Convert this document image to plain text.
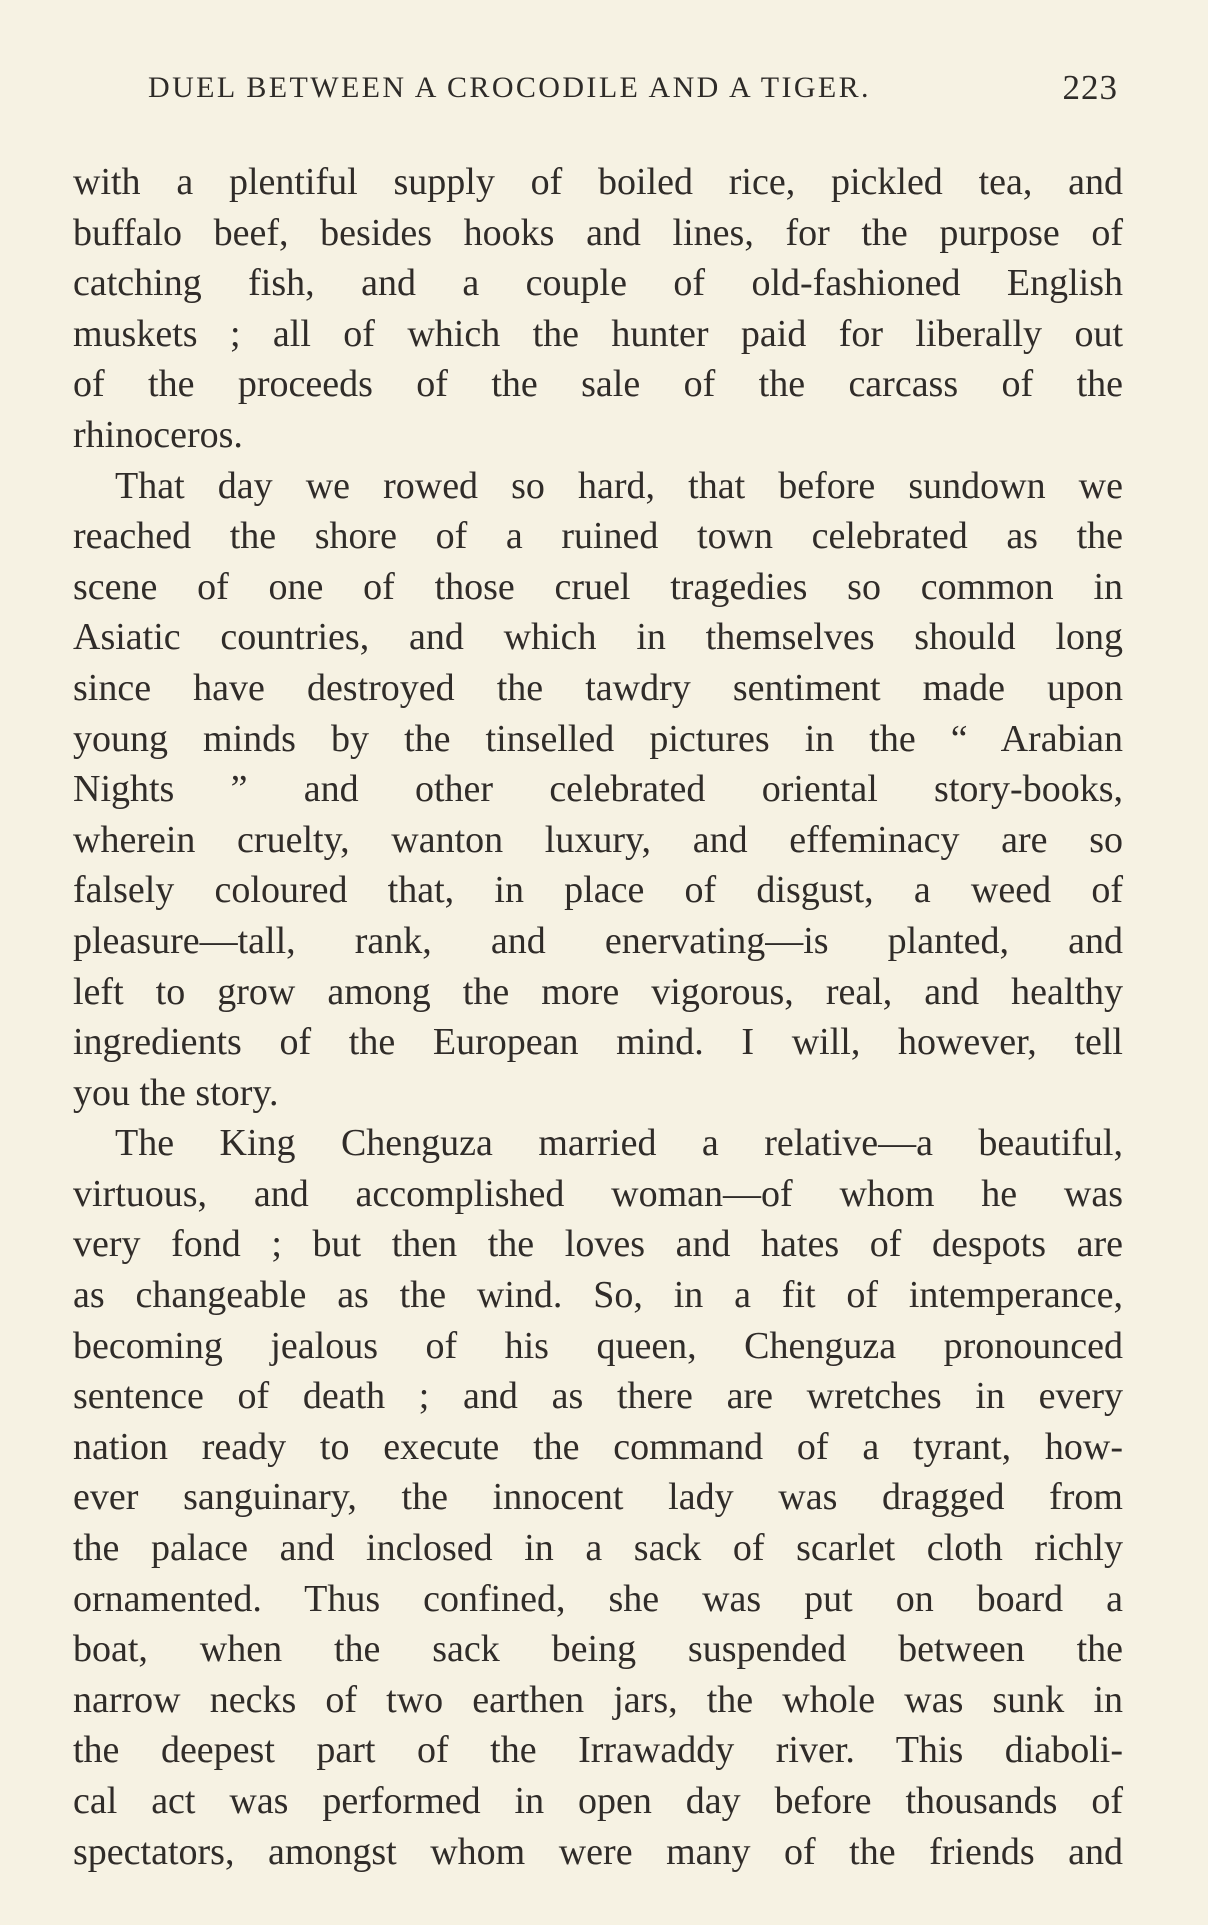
DUEL BETWEEN A CROCODILE AND A TIGER.	223
with a plentiful supply of boiled rice, pickled tea, and
buffalo beef, besides hooks and lines, for the purpose of
catching fish, and a couple of old-fashioned English
muskets ; all of which the hunter paid for liberally out
of the proceeds of the sale of the carcass of the
rhinoceros.
That day we rowed so hard, that before sundown we
reached the shore of a ruined town celebrated as the
scene of one of those cruel tragedies so common in
Asiatic countries, and which in themselves should long
since have destroyed the tawdry sentiment made upon
young minds by the tinselled pictures in the “ Arabian
Nights ” and other celebrated oriental story-books,
wherein cruelty, wanton luxury, and effeminacy are so
falsely coloured that, in place of disgust, a weed of
pleasure—tall, rank, and enervating—is planted, and
left to grow among the more vigorous, real, and healthy
ingredients of the European mind. I will, however, tell
you the story.
The King Chenguza married a relative—a beautiful,
virtuous, and accomplished woman—of whom he was
very fond ; but then the loves and hates of despots are
as changeable as the wind. So, in a fit of intemperance,
becoming jealous of his queen, Chenguza pronounced
sentence of death ; and as there are wretches in every
nation ready to execute the command of a tyrant, how-
ever sanguinary, the innocent lady was dragged from
the palace and inclosed in a sack of scarlet cloth richly
ornamented. Thus confined, she was put on board a
boat, when the sack being suspended between the
narrow necks of two earthen jars, the whole was sunk in
the deepest part of the Irrawaddy river. This diaboli-
cal act was performed in open day before thousands of
spectators, amongst whom were many of the friends and
